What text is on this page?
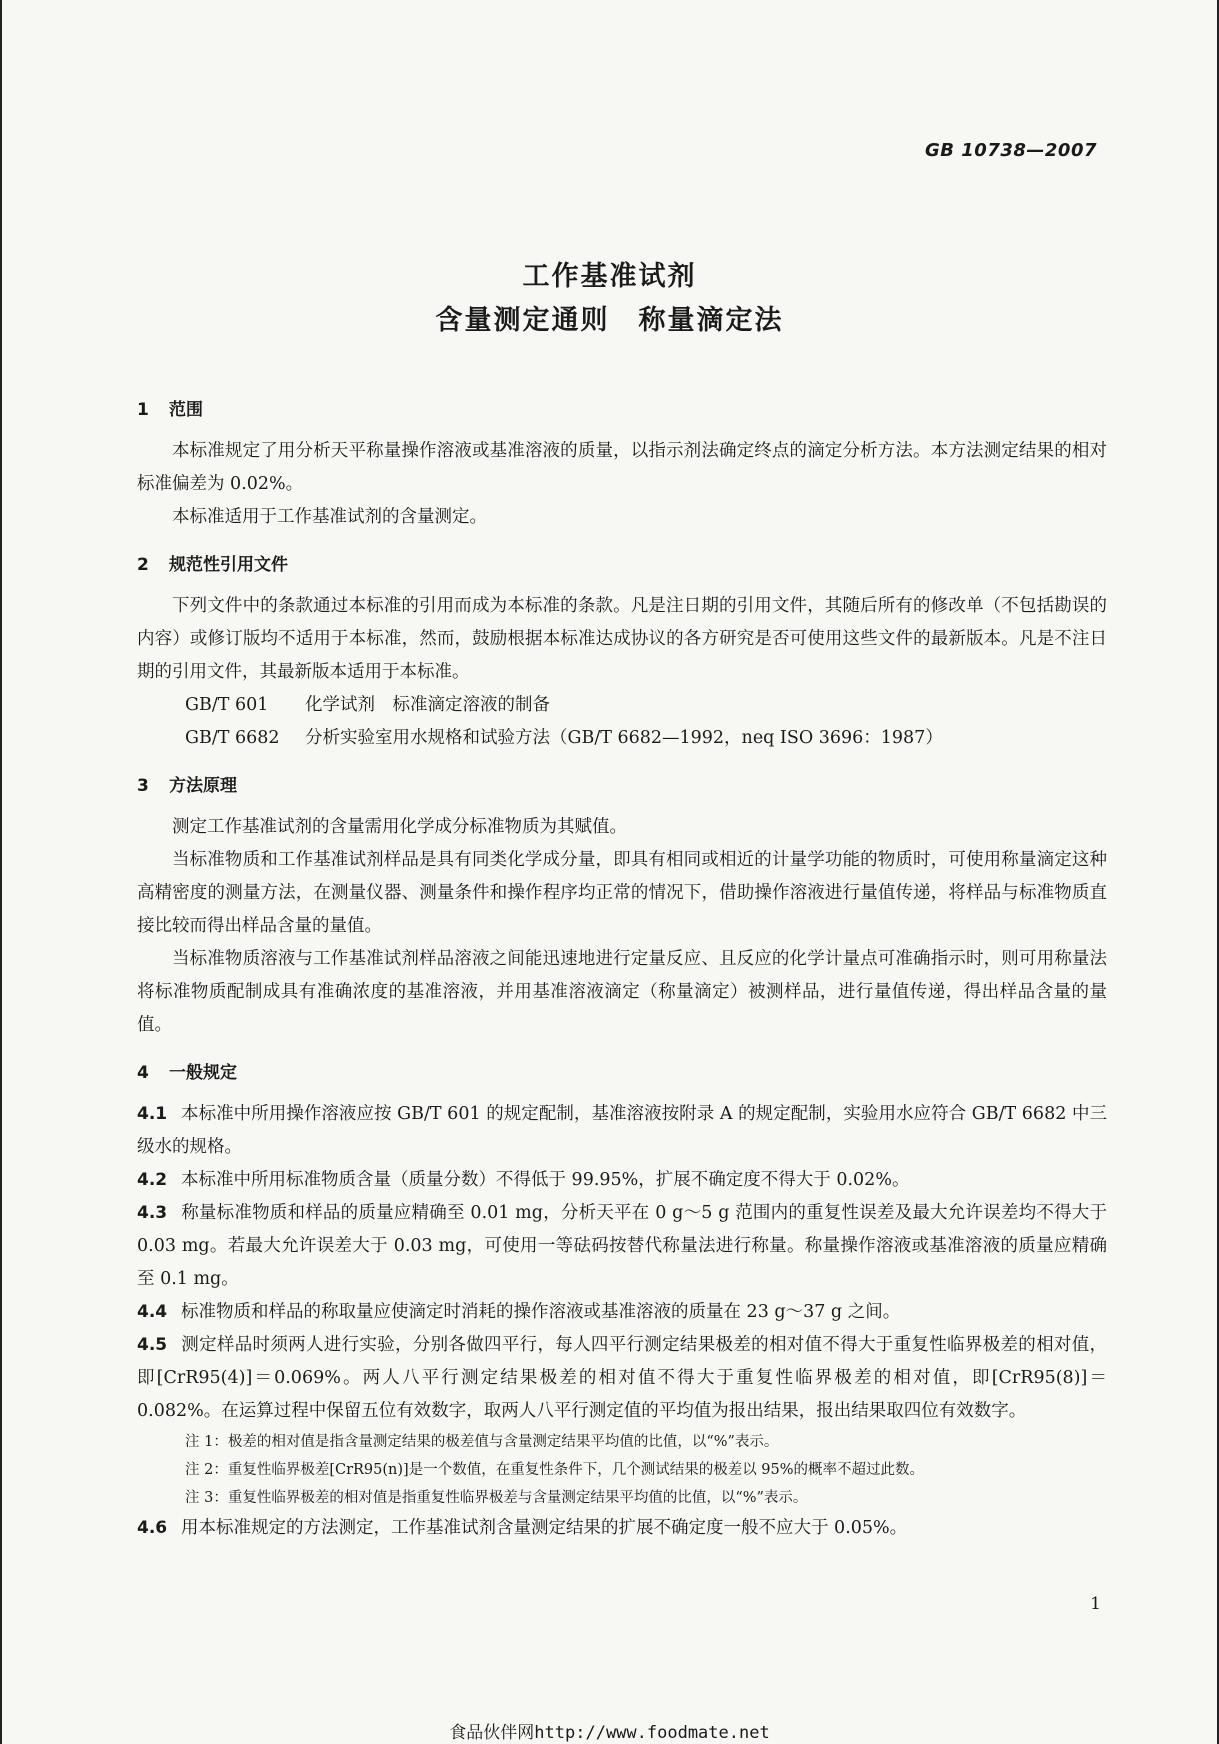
GB 10738—2007
工作基准试剂
含量测定通则　称量滴定法
1 范围

本标准规定了用分析天平称量操作溶液或基准溶液的质量，以指示剂法确定终点的滴定分析方法。本方法测定结果的相对标准偏差为 0.02%。

本标准适用于工作基准试剂的含量测定。

2 规范性引用文件

下列文件中的条款通过本标准的引用而成为本标准的条款。凡是注日期的引用文件，其随后所有的修改单（不包括勘误的内容）或修订版均不适用于本标准，然而，鼓励根据本标准达成协议的各方研究是否可使用这些文件的最新版本。凡是不注日期的引用文件，其最新版本适用于本标准。

GB/T 601 化学试剂　标准滴定溶液的制备

GB/T 6682 分析实验室用水规格和试验方法（GB/T 6682—1992，neq ISO 3696：1987）

3 方法原理

测定工作基准试剂的含量需用化学成分标准物质为其赋值。

当标准物质和工作基准试剂样品是具有同类化学成分量，即具有相同或相近的计量学功能的物质时，可使用称量滴定这种高精密度的测量方法，在测量仪器、测量条件和操作程序均正常的情况下，借助操作溶液进行量值传递，将样品与标准物质直接比较而得出样品含量的量值。

当标准物质溶液与工作基准试剂样品溶液之间能迅速地进行定量反应、且反应的化学计量点可准确指示时，则可用称量法将标准物质配制成具有准确浓度的基准溶液，并用基准溶液滴定（称量滴定）被测样品，进行量值传递，得出样品含量的量值。

4 一般规定

4.1 本标准中所用操作溶液应按 GB/T 601 的规定配制，基准溶液按附录 A 的规定配制，实验用水应符合 GB/T 6682 中三级水的规格。

4.2 本标准中所用标准物质含量（质量分数）不得低于 99.95%，扩展不确定度不得大于 0.02%。

4.3 称量标准物质和样品的质量应精确至 0.01 mg，分析天平在 0 g～5 g 范围内的重复性误差及最大允许误差均不得大于 0.03 mg。若最大允许误差大于 0.03 mg，可使用一等砝码按替代称量法进行称量。称量操作溶液或基准溶液的质量应精确至 0.1 mg。

4.4 标准物质和样品的称取量应使滴定时消耗的操作溶液或基准溶液的质量在 23 g～37 g 之间。

4.5 测定样品时须两人进行实验，分别各做四平行，每人四平行测定结果极差的相对值不得大于重复性临界极差的相对值，即[CrR95(4)]＝0.069%。两人八平行测定结果极差的相对值不得大于重复性临界极差的相对值，即[CrR95(8)]＝0.082%。在运算过程中保留五位有效数字，取两人八平行测定值的平均值为报出结果，报出结果取四位有效数字。

注 1：极差的相对值是指含量测定结果的极差值与含量测定结果平均值的比值，以“%”表示。

注 2：重复性临界极差[CrR95(n)]是一个数值，在重复性条件下，几个测试结果的极差以 95%的概率不超过此数。

注 3：重复性临界极差的相对值是指重复性临界极差与含量测定结果平均值的比值，以“%”表示。

4.6 用本标准规定的方法测定，工作基准试剂含量测定结果的扩展不确定度一般不应大于 0.05%。

1
食品伙伴网http://www.foodmate.net
